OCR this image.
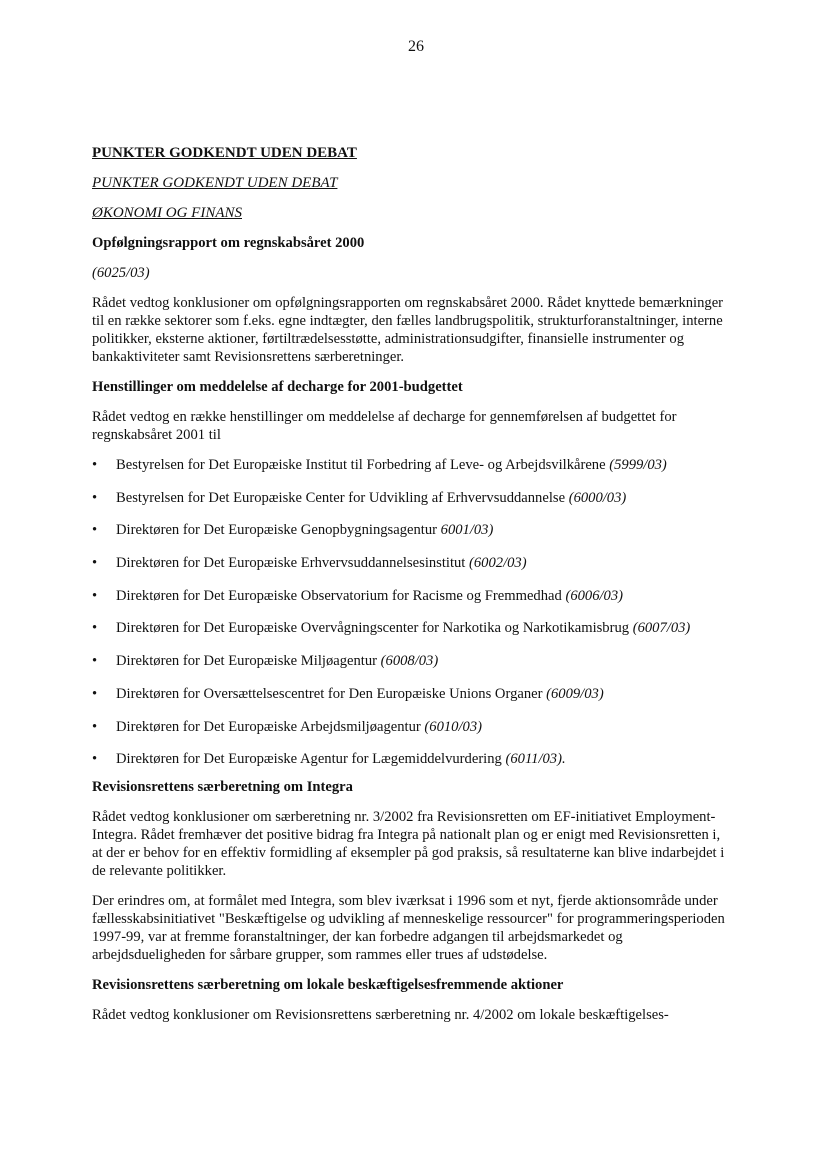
26
PUNKTER GODKENDT UDEN DEBAT
PUNKTER GODKENDT UDEN DEBAT
ØKONOMI OG FINANS
Opfølgningsrapport om regnskabsåret 2000
(6025/03)

Rådet vedtog konklusioner om opfølgningsrapporten om regnskabsåret 2000. Rådet knyttede bemærkninger til en række sektorer som f.eks. egne indtægter, den fælles landbrugspolitik, strukturforanstaltninger, interne politikker, eksterne aktioner, førtiltrædelsesstøtte, administrationsudgifter, finansielle instrumenter og bankaktiviteter samt Revisionsrettens særberetninger.

Henstillinger om meddelelse af decharge for 2001-budgettet

Rådet vedtog en række henstillinger om meddelelse af decharge for gennemførelsen af budgettet for regnskabsåret 2001 til

• Bestyrelsen for Det Europæiske Institut til Forbedring af Leve- og Arbejdsvilkårene (5999/03)
• Bestyrelsen for Det Europæiske Center for Udvikling af Erhvervsuddannelse (6000/03)
• Direktøren for Det Europæiske Genopbygningsagentur 6001/03)
• Direktøren for Det Europæiske Erhvervsuddannelsesinstitut (6002/03)
• Direktøren for Det Europæiske Observatorium for Racisme og Fremmedhad (6006/03)
• Direktøren for Det Europæiske Overvågningscenter for Narkotika og Narkotikamisbrug (6007/03)
• Direktøren for Det Europæiske Miljøagentur (6008/03)
• Direktøren for Oversættelsescentret for Den Europæiske Unions Organer (6009/03)
• Direktøren for Det Europæiske Arbejdsmiljøagentur (6010/03)
• Direktøren for Det Europæiske Agentur for Lægemiddelvurdering (6011/03).
Revisionsrettens særberetning om Integra

Rådet vedtog konklusioner om særberetning nr. 3/2002 fra Revisionsretten om EF-initiativet Employment-Integra. Rådet fremhæver det positive bidrag fra Integra på nationalt plan og er enigt med Revisionsretten i, at der er behov for en effektiv formidling af eksempler på god praksis, så resultaterne kan blive indarbejdet i de relevante politikker.

Der erindres om, at formålet med Integra, som blev iværksat i 1996 som et nyt, fjerde aktionsområde under fællesskabsinitiativet "Beskæftigelse og udvikling af menneskelige ressourcer" for programmeringsperioden 1997-99, var at fremme foranstaltninger, der kan forbedre adgangen til arbejdsmarkedet og arbejdsdueligheden for sårbare grupper, som rammes eller trues af udstødelse.

Revisionsrettens særberetning om lokale beskæftigelsesfremmende aktioner

Rådet vedtog konklusioner om Revisionsrettens særberetning nr. 4/2002 om lokale beskæftigelses-
